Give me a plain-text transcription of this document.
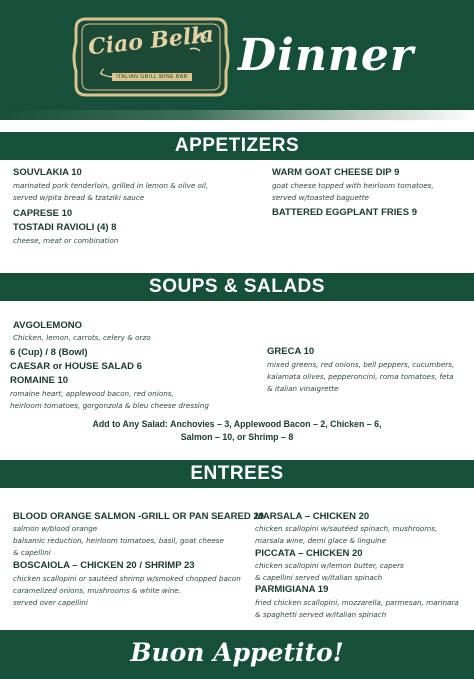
Ciao Bella
ITALIAN GRILL WINE BAR Dinner
APPETIZERS
SOUVLAKIA 10
marinated pork tenderloin, grilled in lemon & olive oil,
served w/pita bread & tzatziki sauce
CAPRESE 10
TOSTADI RAVIOLI (4) 8
cheese, meat or combination
WARM GOAT CHEESE DIP 9
goat cheese topped with heirloom tomatoes,
served w/toasted baguette
BATTERED EGGPLANT FRIES 9
SOUPS & SALADS
AVGOLEMONO
Chicken, lemon, carrots, celery & orzo
6 (Cup) / 8 (Bowl)
CAESAR or HOUSE SALAD 6
ROMAINE 10
romaine heart, applewood bacon, red onions,
heirloom tomatoes, gorgonzola & bleu cheese dressing
GRECA 10
mixed greens, red onions, bell peppers, cucumbers,
kalamata olives, pepperoncini, roma tomatoes, feta
& italian vinaigrette
Add to Any Salad: Anchovies – 3, Applewood Bacon – 2, Chicken – 6,
Salmon – 10, or Shrimp – 8
ENTREES
BLOOD ORANGE SALMON -GRILL OR PAN SEARED 29
salmon w/blood orange
balsamic reduction, heirloom tomatoes, basil, goat cheese
& capellini
BOSCAIOLA – CHICKEN 20 / SHRIMP 23
chicken scallopini or sautéed shrimp w/smoked chopped bacon
caramelized onions, mushrooms & white wine.
served over capellini
MARSALA – CHICKEN 20
chicken scallopini w/sautéed spinach, mushrooms,
marsala wine, demi glace & linguine
PICCATA – CHICKEN 20
chicken scallopini w/lemon butter, capers
& capellini served w/italian spinach
PARMIGIANA 19
fried chicken scallopini, mozzarella, parmesan, marinara
& spaghetti served w/italian spinach
Buon Appetito!
